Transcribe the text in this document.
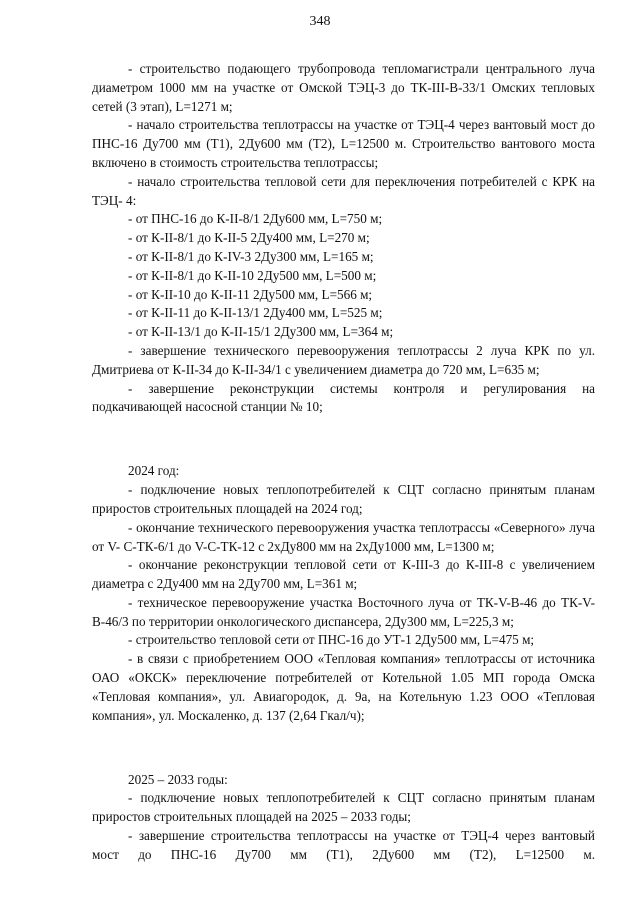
348

- строительство подающего трубопровода тепломагистрали центрального луча диаметром 1000 мм на участке от Омской ТЭЦ-3 до ТК-III-В-33/1 Омских тепловых сетей (3 этап), L=1271 м;

- начало строительства теплотрассы на участке от ТЭЦ-4 через вантовый мост до ПНС-16 Ду700 мм (Т1), 2Ду600 мм (Т2), L=12500 м. Строительство вантового моста включено в стоимость строительства теплотрассы;

- начало строительства тепловой сети для переключения потребителей с КРК на ТЭЦ- 4:

- от ПНС-16 до К-II-8/1 2Ду600 мм, L=750 м;

- от К-II-8/1 до К-II-5 2Ду400 мм, L=270 м;

- от К-II-8/1 до К-IV-3 2Ду300 мм, L=165 м;

- от К-II-8/1 до К-II-10 2Ду500 мм, L=500 м;

- от К-II-10 до К-II-11 2Ду500 мм, L=566 м;

- от К-II-11 до К-II-13/1 2Ду400 мм, L=525 м;

- от К-II-13/1 до К-II-15/1 2Ду300 мм, L=364 м;

- завершение технического перевооружения теплотрассы 2 луча КРК по ул. Дмитриева от К-II-34 до К-II-34/1 с увеличением диаметра до 720 мм, L=635 м;

- завершение реконструкции системы контроля и регулирования на подкачивающей насосной станции № 10;

2024 год:

- подключение новых теплопотребителей к СЦТ согласно принятым планам приростов строительных площадей на 2024 год;

- окончание технического перевооружения участка теплотрассы «Северного» луча от V- С-ТК-6/1 до V-С-ТК-12 с 2хДу800 мм на 2хДу1000 мм, L=1300 м;

- окончание реконструкции тепловой сети от К-III-3 до К-III-8 с увеличением диаметра с 2Ду400 мм на 2Ду700 мм, L=361 м;

- техническое перевооружение участка Восточного луча от ТК-V-В-46 до ТК-V-В-46/3 по территории онкологического диспансера, 2Ду300 мм, L=225,3 м;

- строительство тепловой сети от ПНС-16 до УТ-1 2Ду500 мм, L=475 м;

- в связи с приобретением ООО «Тепловая компания» теплотрассы от источника ОАО «ОКСК» переключение потребителей от Котельной 1.05 МП города Омска «Тепловая компания», ул. Авиагородок, д. 9а, на Котельную 1.23 ООО «Тепловая компания», ул. Москаленко, д. 137 (2,64 Гкал/ч);

2025 – 2033 годы:

- подключение новых теплопотребителей к СЦТ согласно принятым планам приростов строительных площадей на 2025 – 2033 годы;

- завершение строительства теплотрассы на участке от ТЭЦ-4 через вантовый мост до ПНС-16 Ду700 мм (Т1), 2Ду600 мм (Т2), L=12500 м.
